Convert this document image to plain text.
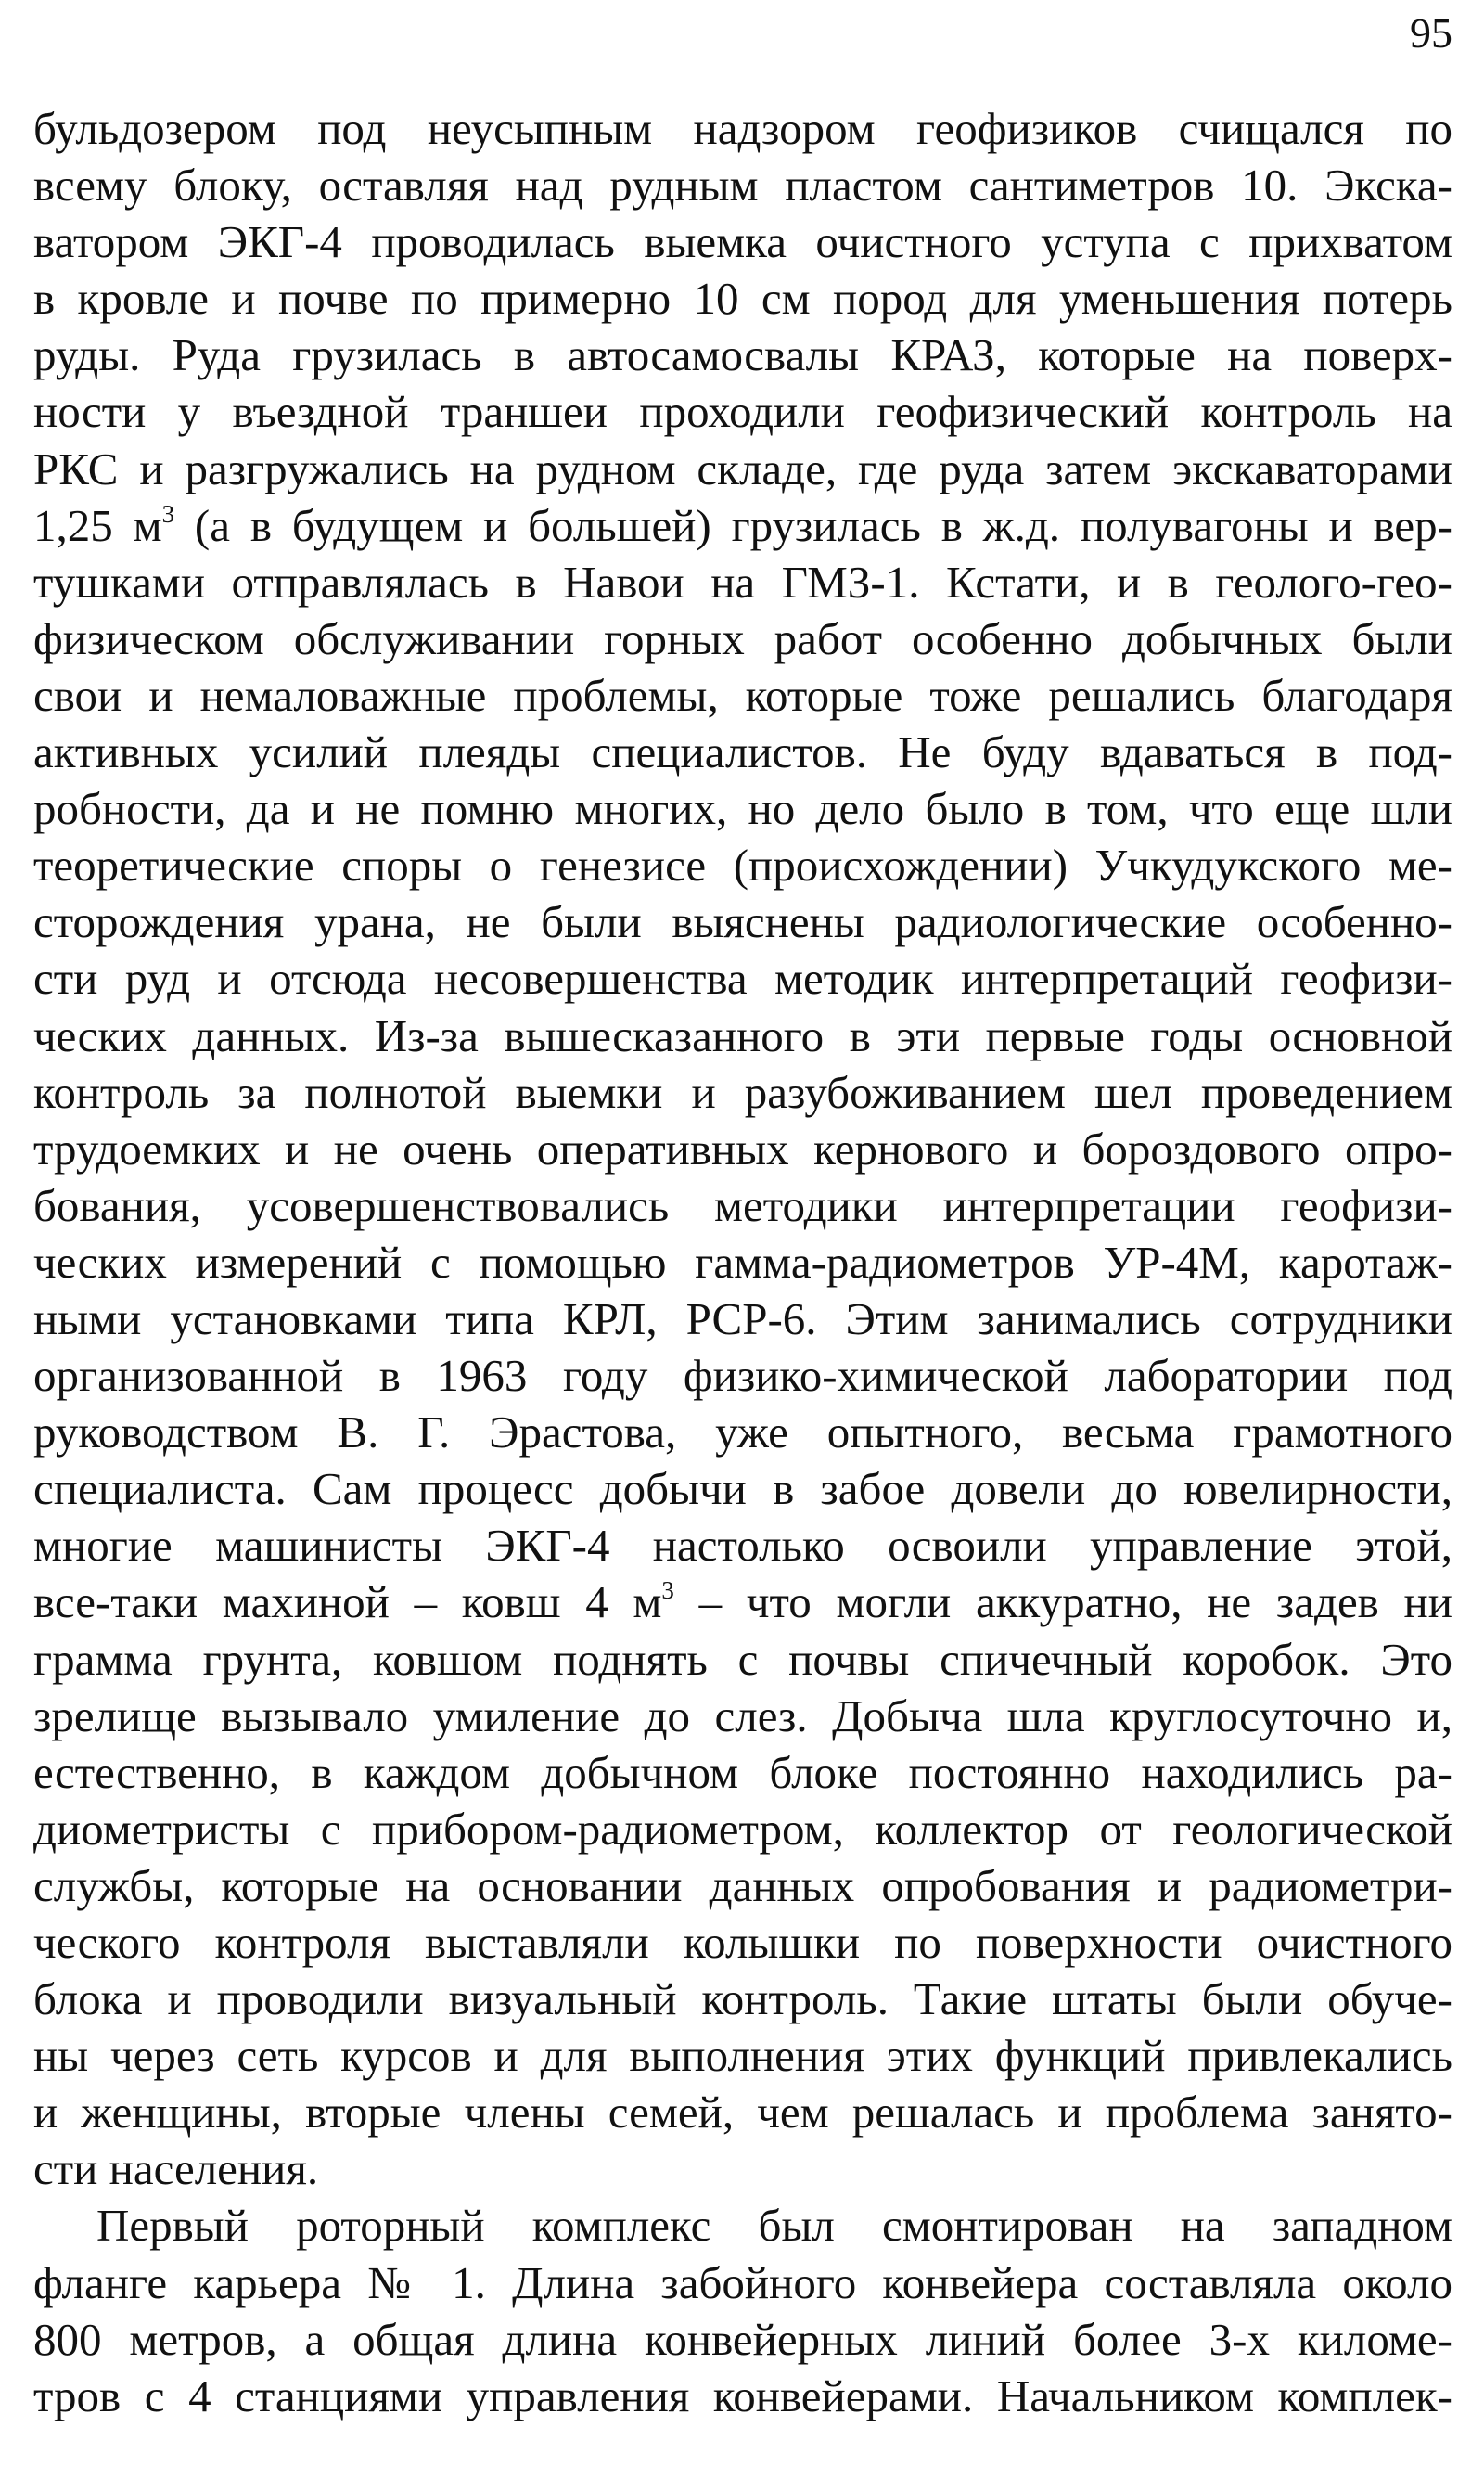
95
бульдозером под неусыпным надзором геофизиков счищался по
всему блоку, оставляя над рудным пластом сантиметров 10. Экска-
ватором ЭКГ-4 проводилась выемка очистного уступа с прихватом
в кровле и почве по примерно 10 см пород для уменьшения потерь
руды. Руда грузилась в автосамосвалы КРАЗ, которые на поверх-
ности у въездной траншеи проходили геофизический контроль на
РКС и разгружались на рудном складе, где руда затем экскаваторами
1,25 $м^3$ (а в будущем и большей) грузилась в ж.д. полувагоны и вер-
тушками отправлялась в Навои на ГМЗ-1. Кстати, и в геолого-гео-
физическом обслуживании горных работ особенно добычных были
свои и немаловажные проблемы, которые тоже решались благодаря
активных усилий плеяды специалистов. Не буду вдаваться в под-
робности, да и не помню многих, но дело было в том, что еще шли
теоретические споры о генезисе (происхождении) Учкудукского ме-
сторождения урана, не были выяснены радиологические особенно-
сти руд и отсюда несовершенства методик интерпретаций геофизи-
ческих данных. Из-за вышесказанного в эти первые годы основной
контроль за полнотой выемки и разубоживанием шел проведением
трудоемких и не очень оперативных кернового и бороздового опро-
бования, усовершенствовались методики интерпретации геофизи-
ческих измерений с помощью гамма-радиометров УР-4М, каротаж-
ными установками типа КРЛ, РСР-6. Этим занимались сотрудники
организованной в 1963 году физико-химической лаборатории под
руководством В. Г. Эрастова, уже опытного, весьма грамотного
специалиста. Сам процесс добычи в забое довели до ювелирности,
многие машинисты ЭКГ-4 настолько освоили управление этой,
все-таки махиной – ковш 4 $м^3$ – что могли аккуратно, не задев ни
грамма грунта, ковшом поднять с почвы спичечный коробок. Это
зрелище вызывало умиление до слез. Добыча шла круглосуточно и,
естественно, в каждом добычном блоке постоянно находились ра-
диометристы с прибором-радиометром, коллектор от геологической
службы, которые на основании данных опробования и радиометри-
ческого контроля выставляли колышки по поверхности очистного
блока и проводили визуальный контроль. Такие штаты были обуче-
ны через сеть курсов и для выполнения этих функций привлекались
и женщины, вторые члены семей, чем решалась и проблема занято-
сти населения.
Первый роторный комплекс был смонтирован на западном
фланге карьера № 1. Длина забойного конвейера составляла около
800 метров, а общая длина конвейерных линий более 3-х киломе-
тров с 4 станциями управления конвейерами. Начальником комплек-
